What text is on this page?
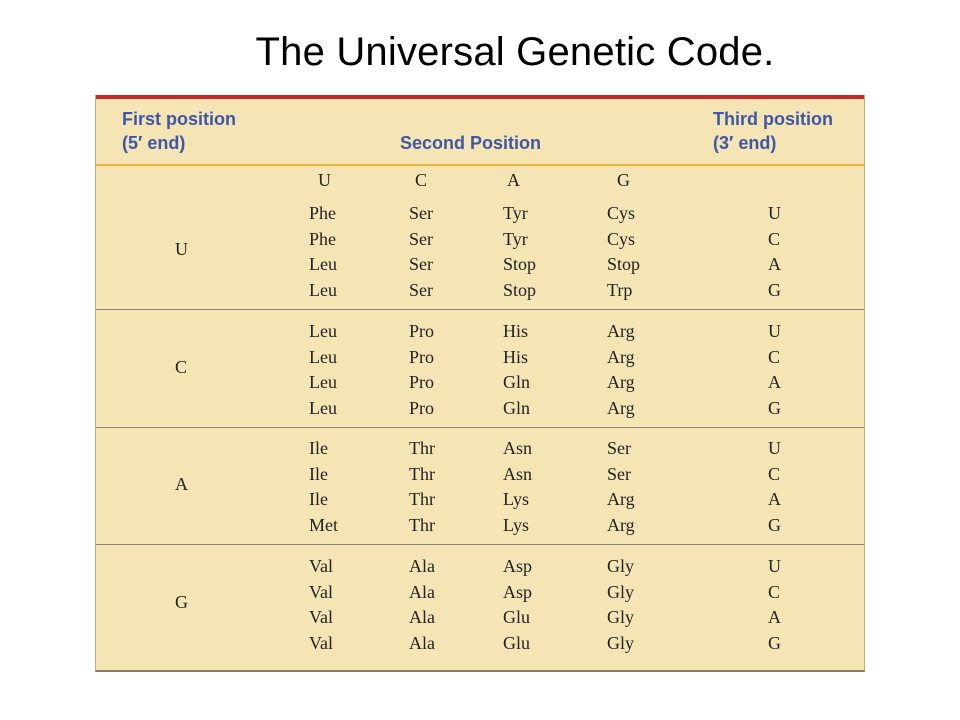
The Universal Genetic Code.
First position
(5′ end)	Second Position
Third position
(3′ end)
U	C	A	G
U
Phe	Ser	Tyr	Cys	U
Phe	Ser	Tyr	Cys	C
Leu	Ser	Stop	Stop	A
Leu	Ser	Stop	Trp	G
C
Leu	Pro	His	Arg	U
Leu	Pro	His	Arg	C
Leu	Pro	Gln	Arg	A
Leu	Pro	Gln	Arg	G
A
Ile	Thr	Asn	Ser	U
Ile	Thr	Asn	Ser	C
Ile	Thr	Lys	Arg	A
Met	Thr	Lys	Arg	G
G
Val	Ala	Asp	Gly	U
Val	Ala	Asp	Gly	C
Val	Ala	Glu	Gly	A
Val	Ala	Glu	Gly	G
